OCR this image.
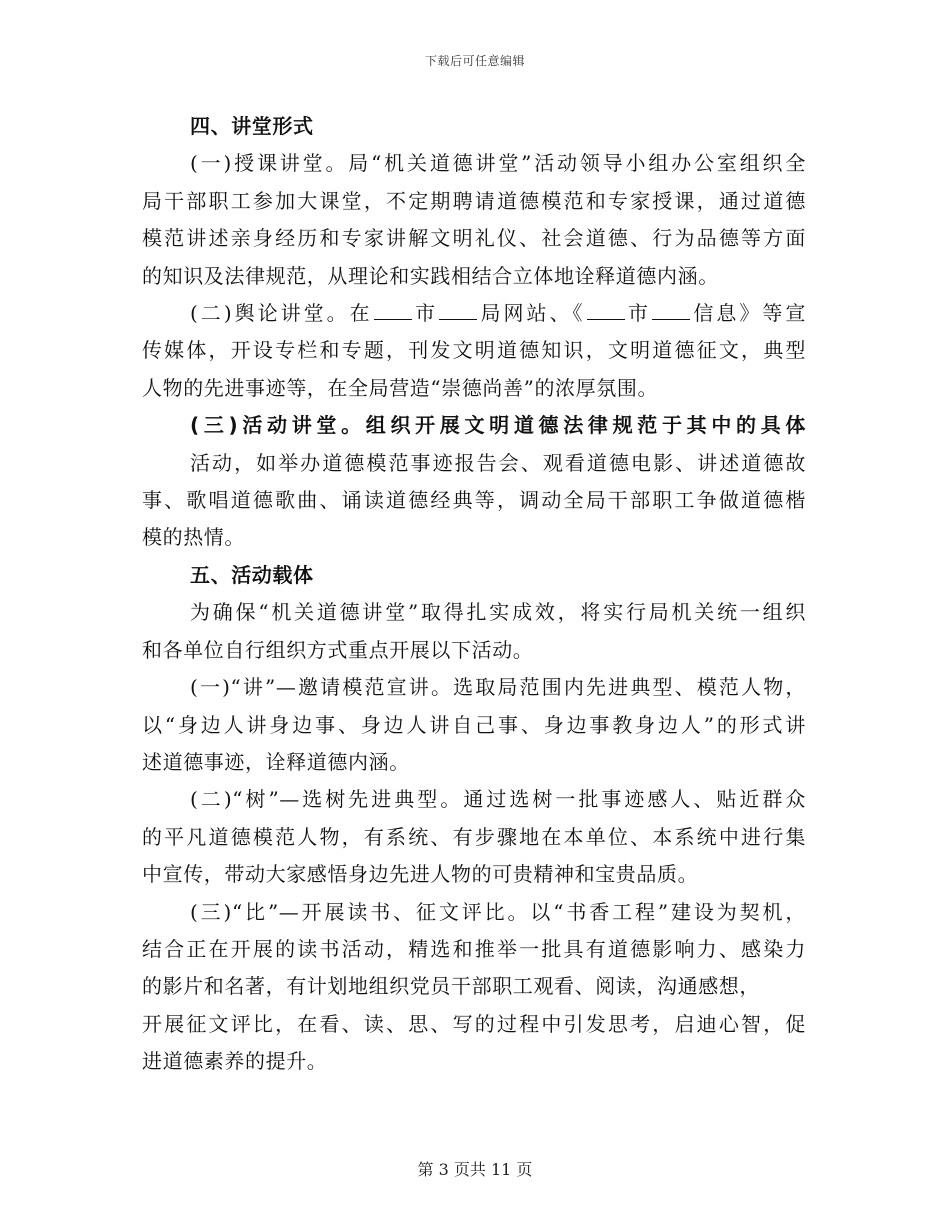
下载后可任意编辑
四、讲堂形式
(一)授课讲堂。局“机关道德讲堂”活动领导小组办公室组织全
局干部职工参加大课堂，不定期聘请道德模范和专家授课，通过道德
模范讲述亲身经历和专家讲解文明礼仪、社会道德、行为品德等方面
的知识及法律规范，从理论和实践相结合立体地诠释道德内涵。
(二)舆论讲堂。在 市 局网站、《 市 信息》等宣
传媒体，开设专栏和专题，刊发文明道德知识，文明道德征文，典型
人物的先进事迹等，在全局营造“崇德尚善”的浓厚氛围。
(三)活动讲堂。组织开展文明道德法律规范于其中的具体
活动，如举办道德模范事迹报告会、观看道德电影、讲述道德故
事、歌唱道德歌曲、诵读道德经典等，调动全局干部职工争做道德楷
模的热情。
五、活动载体
为确保“机关道德讲堂”取得扎实成效，将实行局机关统一组织
和各单位自行组织方式重点开展以下活动。
(一)“讲”—邀请模范宣讲。选取局范围内先进典型、模范人物，
以“身边人讲身边事、身边人讲自己事、身边事教身边人”的形式讲
述道德事迹，诠释道德内涵。
(二)“树”—选树先进典型。通过选树一批事迹感人、贴近群众
的平凡道德模范人物，有系统、有步骤地在本单位、本系统中进行集
中宣传，带动大家感悟身边先进人物的可贵精神和宝贵品质。
(三)“比”—开展读书、征文评比。以“书香工程”建设为契机，
结合正在开展的读书活动，精选和推举一批具有道德影响力、感染力
的影片和名著，有计划地组织党员干部职工观看、阅读，沟通感想，
开展征文评比，在看、读、思、写的过程中引发思考，启迪心智，促
进道德素养的提升。
第 3 页共 11 页
